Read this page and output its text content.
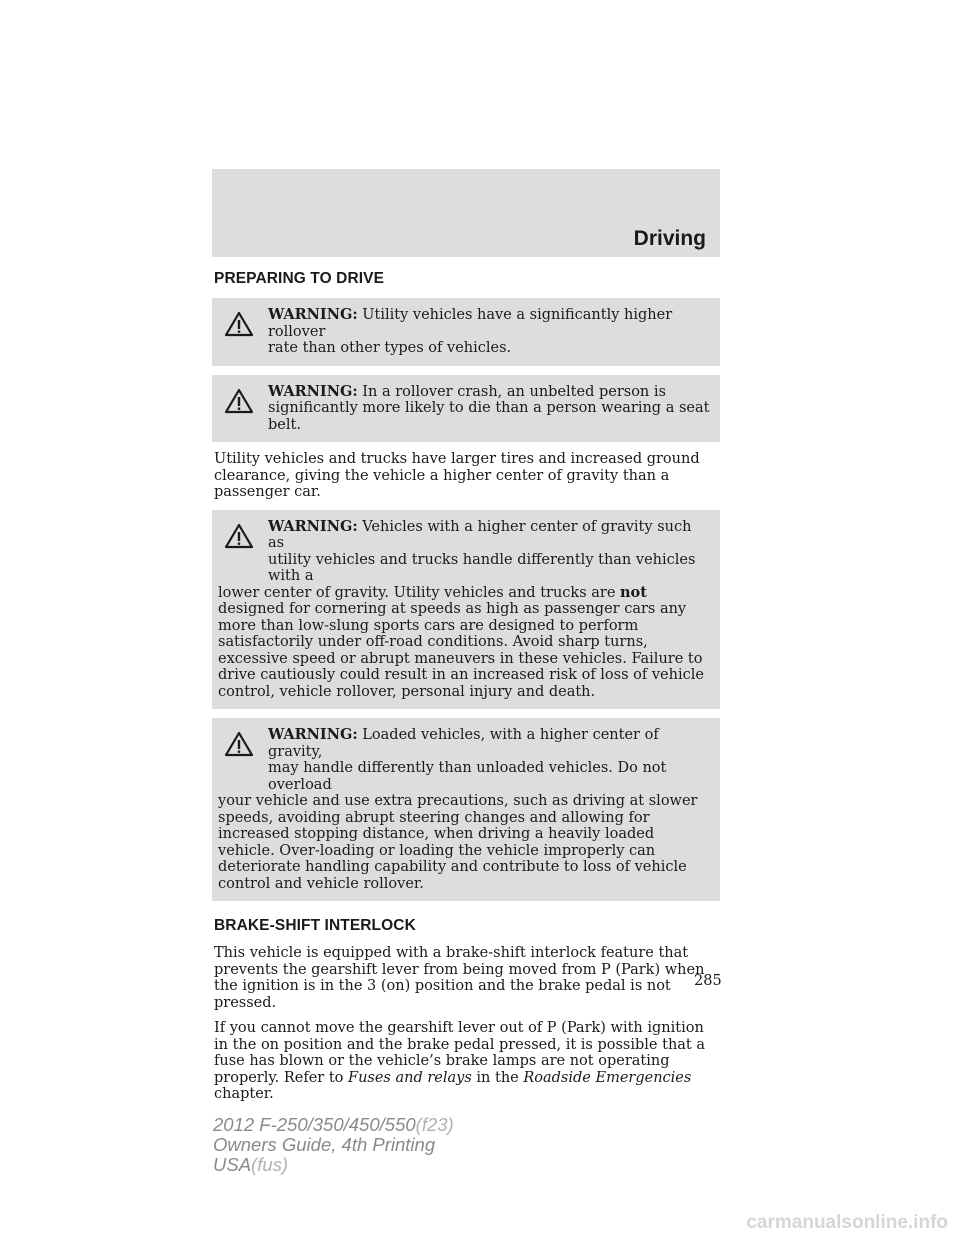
Driving
PREPARING TO DRIVE
WARNING: Utility vehicles have a significantly higher rollover
rate than other types of vehicles.
WARNING: In a rollover crash, an unbelted person is
significantly more likely to die than a person wearing a seat belt.

Utility vehicles and trucks have larger tires and increased ground clearance, giving the vehicle a higher center of gravity than a passenger car.

WARNING: Vehicles with a higher center of gravity such as
utility vehicles and trucks handle differently than vehicles with a
lower center of gravity. Utility vehicles and trucks are not designed for cornering at speeds as high as passenger cars any more than low-slung sports cars are designed to perform satisfactorily under off-road conditions. Avoid sharp turns, excessive speed or abrupt maneuvers in these vehicles. Failure to drive cautiously could result in an increased risk of loss of vehicle control, vehicle rollover, personal injury and death.
WARNING: Loaded vehicles, with a higher center of gravity,
may handle differently than unloaded vehicles. Do not overload
your vehicle and use extra precautions, such as driving at slower speeds, avoiding abrupt steering changes and allowing for increased stopping distance, when driving a heavily loaded vehicle. Over-loading or loading the vehicle improperly can deteriorate handling capability and contribute to loss of vehicle control and vehicle rollover.
BRAKE-SHIFT INTERLOCK

This vehicle is equipped with a brake-shift interlock feature that prevents the gearshift lever from being moved from P (Park) when the ignition is in the 3 (on) position and the brake pedal is not pressed.

If you cannot move the gearshift lever out of P (Park) with ignition in the on position and the brake pedal pressed, it is possible that a fuse has blown or the vehicle’s brake lamps are not operating properly. Refer to Fuses and relays in the Roadside Emergencies chapter.

285
2012 F-250/350/450/550(f23)
Owners Guide, 4th Printing
USA(fus)
carmanualsonline.info
